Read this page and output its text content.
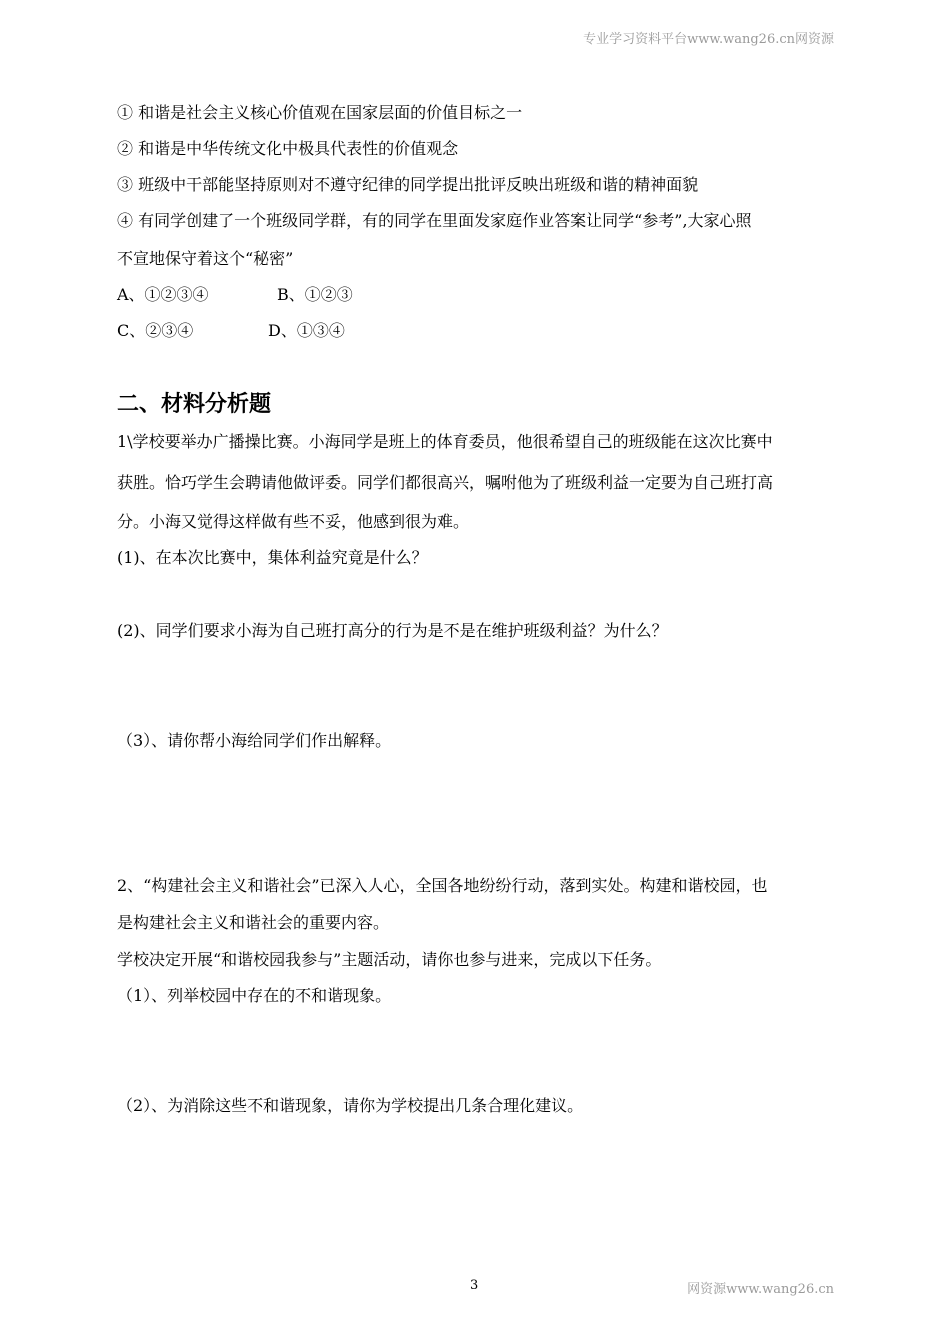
专业学习资料平台www.wang26.cn网资源
① 和谐是社会主义核心价值观在国家层面的价值目标之一
② 和谐是中华传统文化中极具代表性的价值观念
③ 班级中干部能坚持原则对不遵守纪律的同学提出批评反映出班级和谐的精神面貌
④ 有同学创建了一个班级同学群，有的同学在里面发家庭作业答案让同学“参考”,大家心照
不宣地保守着这个“秘密”
A、①②③④	B、①②③
C、②③④	D、①③④
二、材料分析题
1\学校要举办广播操比赛。小海同学是班上的体育委员，他很希望自己的班级能在这次比赛中
获胜。恰巧学生会聘请他做评委。同学们都很高兴，嘱咐他为了班级利益一定要为自己班打高
分。小海又觉得这样做有些不妥，他感到很为难。
(1)、在本次比赛中，集体利益究竟是什么？
(2)、同学们要求小海为自己班打高分的行为是不是在维护班级利益？为什么？
（3）、请你帮小海给同学们作出解释。
2、“构建社会主义和谐社会”已深入人心，全国各地纷纷行动，落到实处。构建和谐校园，也
是构建社会主义和谐社会的重要内容。
学校决定开展“和谐校园我参与”主题活动，请你也参与进来，完成以下任务。
（1）、列举校园中存在的不和谐现象。
（2）、为消除这些不和谐现象，请你为学校提出几条合理化建议。
3	网资源www.wang26.cn
